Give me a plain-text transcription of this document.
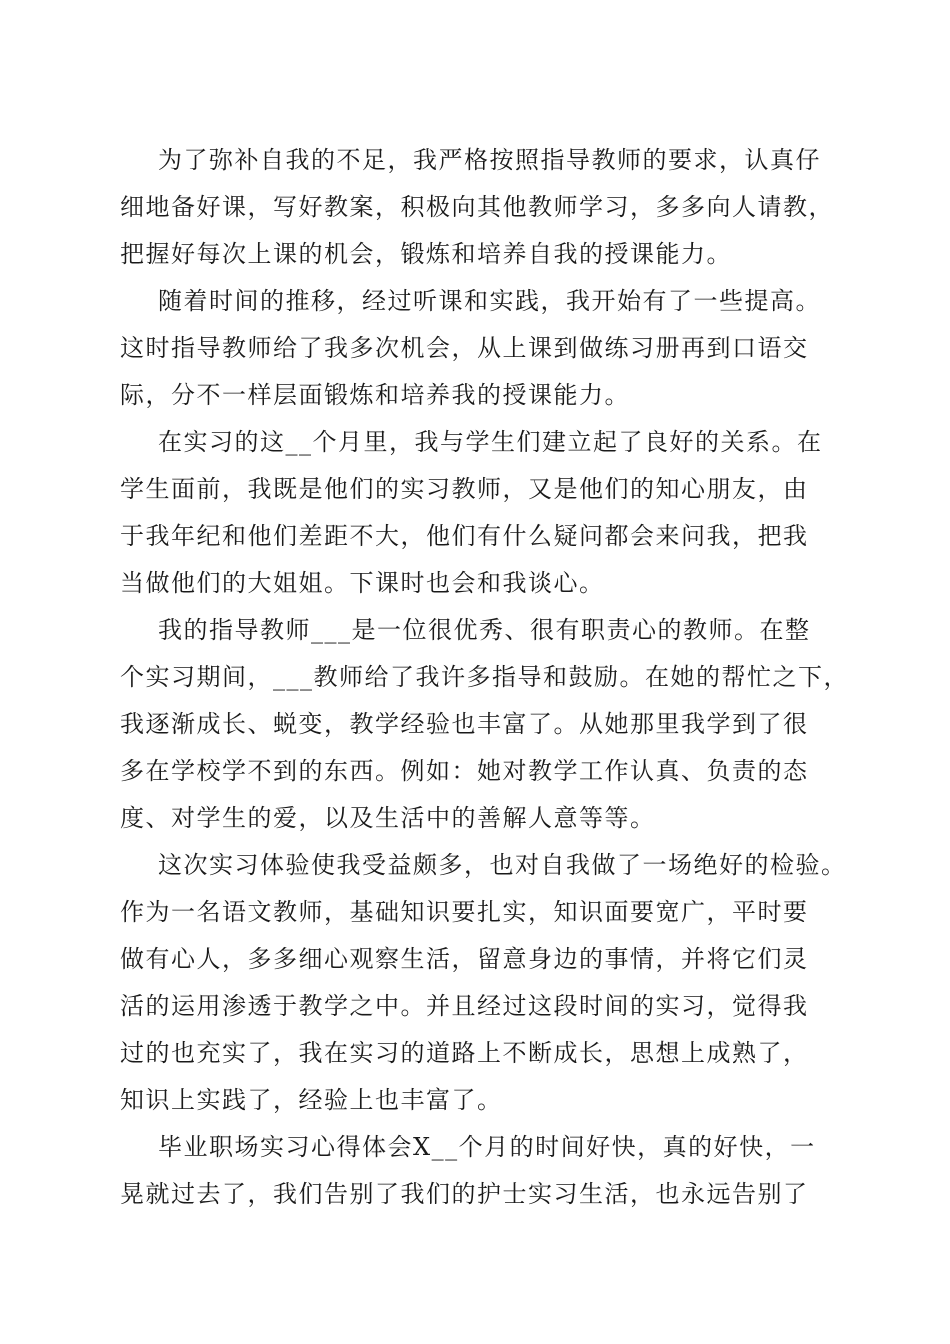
为了弥补自我的不足，我严格按照指导教师的要求，认真仔
细地备好课，写好教案，积极向其他教师学习，多多向人请教，
把握好每次上课的机会，锻炼和培养自我的授课能力。
随着时间的推移，经过听课和实践，我开始有了一些提高。
这时指导教师给了我多次机会，从上课到做练习册再到口语交
际，分不一样层面锻炼和培养我的授课能力。
在实习的这__个月里，我与学生们建立起了良好的关系。在
学生面前，我既是他们的实习教师，又是他们的知心朋友，由
于我年纪和他们差距不大，他们有什么疑问都会来问我，把我
当做他们的大姐姐。下课时也会和我谈心。
我的指导教师___是一位很优秀、很有职责心的教师。在整
个实习期间，___教师给了我许多指导和鼓励。在她的帮忙之下，
我逐渐成长、蜕变，教学经验也丰富了。从她那里我学到了很
多在学校学不到的东西。例如：她对教学工作认真、负责的态
度、对学生的爱，以及生活中的善解人意等等。
这次实习体验使我受益颇多，也对自我做了一场绝好的检验。
作为一名语文教师，基础知识要扎实，知识面要宽广，平时要
做有心人，多多细心观察生活，留意身边的事情，并将它们灵
活的运用渗透于教学之中。并且经过这段时间的实习，觉得我
过的也充实了，我在实习的道路上不断成长，思想上成熟了，
知识上实践了，经验上也丰富了。
毕业职场实习心得体会X__个月的时间好快，真的好快，一
晃就过去了，我们告别了我们的护士实习生活，也永远告别了
